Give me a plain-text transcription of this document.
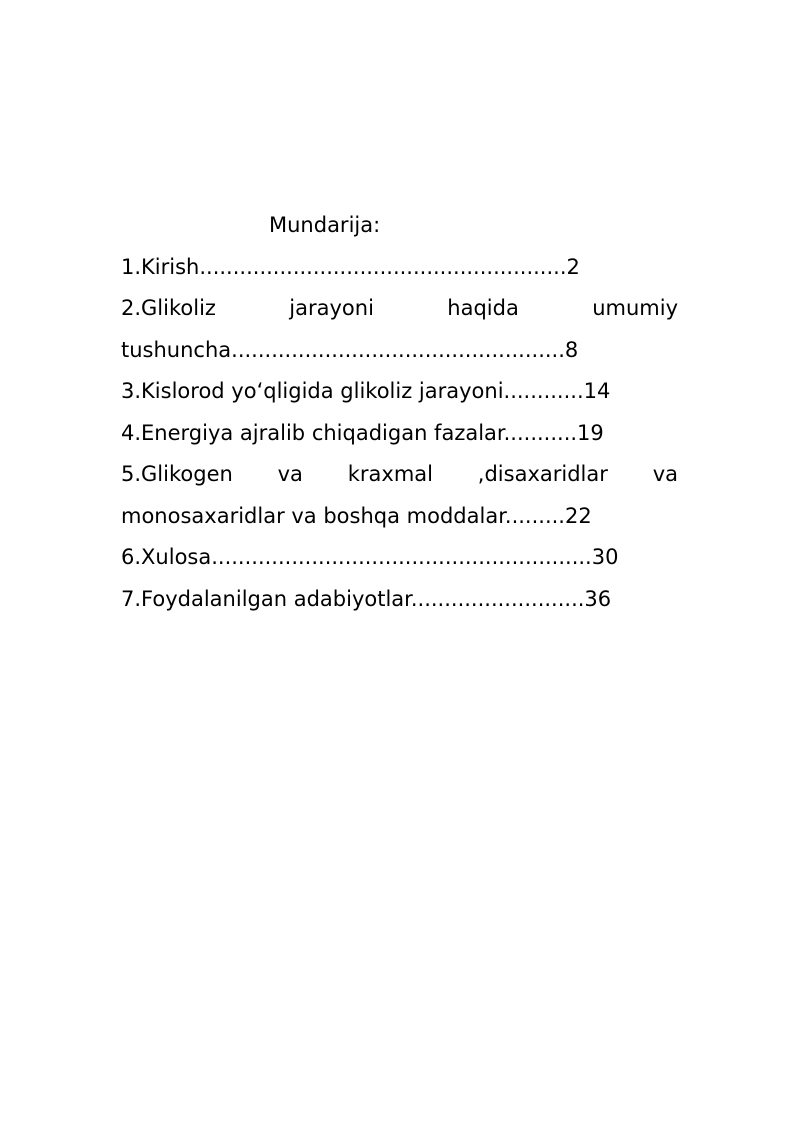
Mundarija:

1.Kirish.......................................................2

2.Glikoliz jarayoni haqida umumiy

tushuncha..................................................8

3.Kislorod yoʻqligida glikoliz jarayoni............14

4.Energiya ajralib chiqadigan fazalar...........19

5.Glikogen va kraxmal ,disaxaridlar va

monosaxaridlar va boshqa moddalar.........22

6.Xulosa.........................................................30

7.Foydalanilgan adabiyotlar..........................36
